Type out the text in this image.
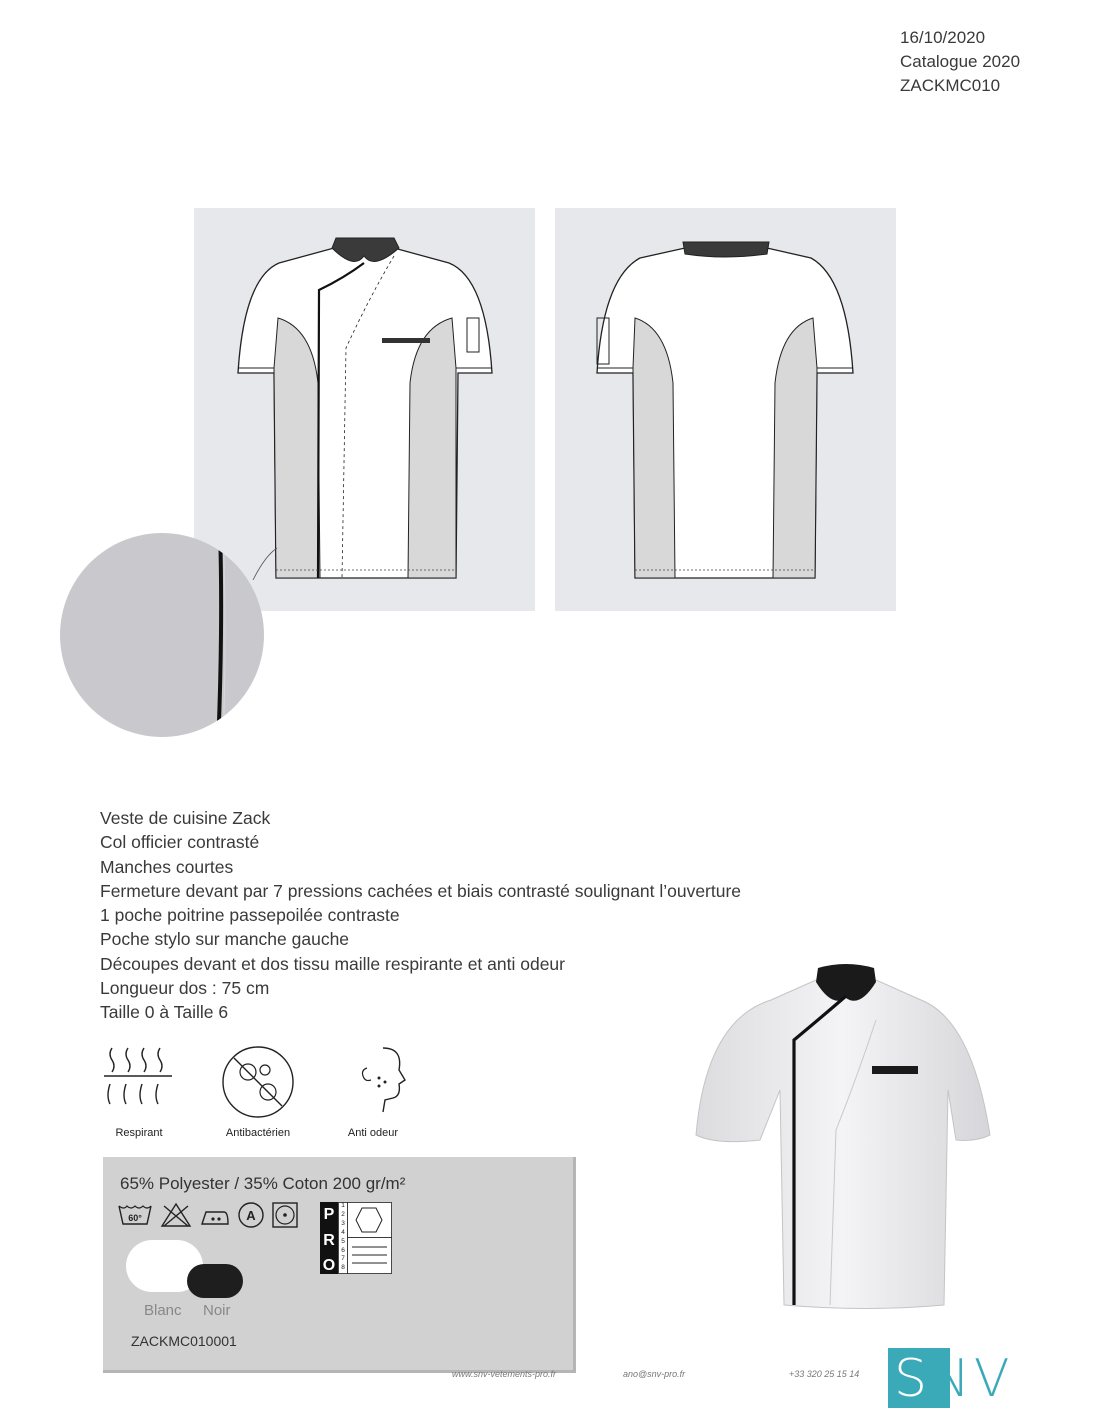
16/10/2020
Catalogue 2020
ZACKMC010
Veste de cuisine Zack
Col officier contrasté
Manches courtes
Fermeture devant par 7 pressions cachées et biais contrasté soulignant l’ouverture
1 poche poitrine passepoilée contraste
Poche stylo sur manche gauche
Découpes devant et dos tissu maille respirante et anti odeur
Longueur dos : 75 cm
Taille 0 à Taille 6
Respirant	Antibactérien	Anti odeur
65% Polyester / 35% Coton 200 gr/m²
60°	A	P
R
O
1
2
3
4
5
6
7
8
Blanc Noir
ZACKMC010001
www.snv-vetements-pro.fr	ano@snv-pro.fr	+33 320 25 15 14 SNV
